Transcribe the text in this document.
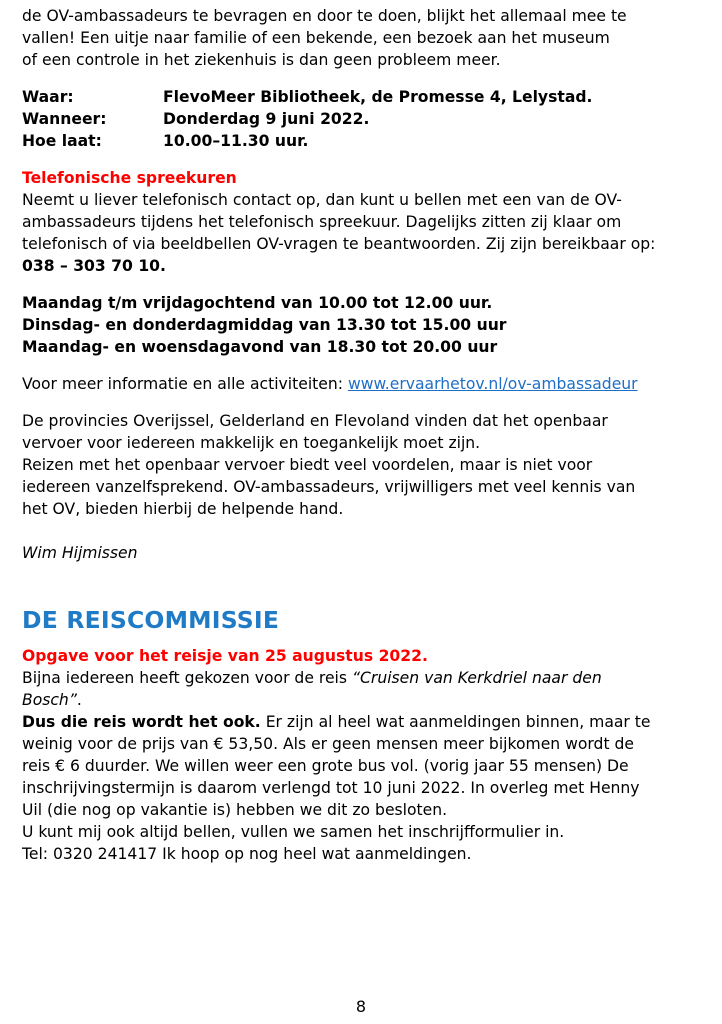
de OV-ambassadeurs te bevragen en door te doen, blijkt het allemaal mee te

vallen! Een uitje naar familie of een bekende, een bezoek aan het museum

of een controle in het ziekenhuis is dan geen probleem meer.

Waar:	FlevoMeer Bibliotheek, de Promesse 4, Lelystad.
Wanneer:	Donderdag 9 juni 2022.
Hoe laat:	10.00–11.30 uur.

Telefonische spreekuren

Neemt u liever telefonisch contact op, dan kunt u bellen met een van de OV-

ambassadeurs tijdens het telefonisch spreekuur. Dagelijks zitten zij klaar om

telefonisch of via beeldbellen OV-vragen te beantwoorden. Zij zijn bereikbaar op:

038 – 303 70 10.

Maandag t/m vrijdagochtend van 10.00 tot 12.00 uur.

Dinsdag- en donderdagmiddag van 13.30 tot 15.00 uur

Maandag- en woensdagavond van 18.30 tot 20.00 uur

Voor meer informatie en alle activiteiten: www.ervaarhetov.nl/ov-ambassadeur

De provincies Overijssel, Gelderland en Flevoland vinden dat het openbaar

vervoer voor iedereen makkelijk en toegankelijk moet zijn.

Reizen met het openbaar vervoer biedt veel voordelen, maar is niet voor

iedereen vanzelfsprekend. OV-ambassadeurs, vrijwilligers met veel kennis van

het OV, bieden hierbij de helpende hand.

Wim Hijmissen

DE REISCOMMISSIE

Opgave voor het reisje van 25 augustus 2022.

Bijna iedereen heeft gekozen voor de reis “Cruisen van Kerkdriel naar den

Bosch”.

Dus die reis wordt het ook. Er zijn al heel wat aanmeldingen binnen, maar te

weinig voor de prijs van € 53,50. Als er geen mensen meer bijkomen wordt de

reis € 6 duurder. We willen weer een grote bus vol. (vorig jaar 55 mensen) De

inschrijvingstermijn is daarom verlengd tot 10 juni 2022. In overleg met Henny

Uil (die nog op vakantie is) hebben we dit zo besloten.

U kunt mij ook altijd bellen, vullen we samen het inschrijfformulier in.

Tel: 0320 241417 Ik hoop op nog heel wat aanmeldingen.

8
